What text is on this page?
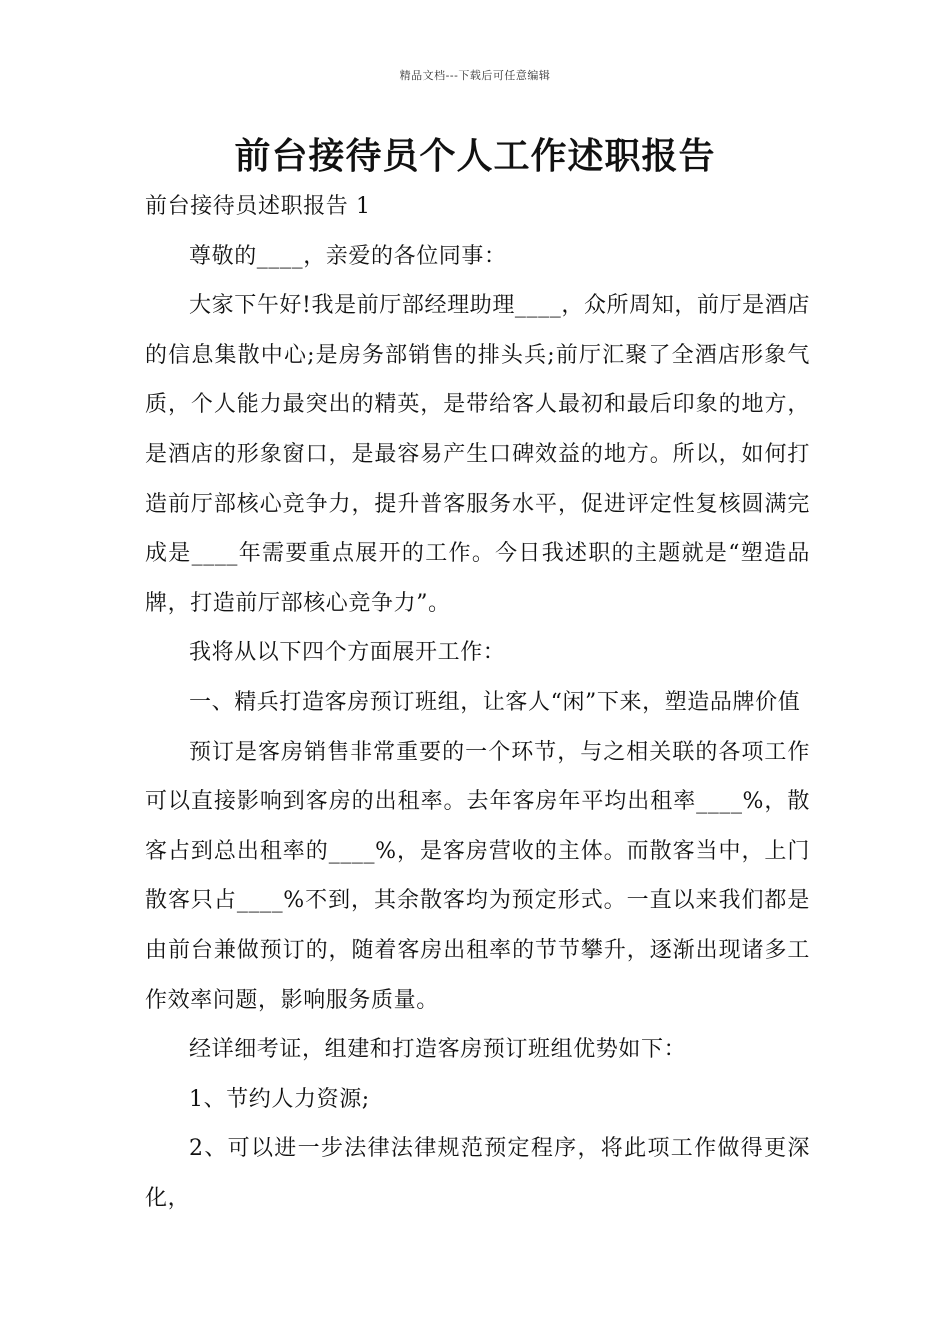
精品文档---下载后可任意编辑
前台接待员个人工作述职报告

前台接待员述职报告 1

尊敬的____，亲爱的各位同事：

大家下午好!我是前厅部经理助理____，众所周知，前厅是酒店的信息集散中心;是房务部销售的排头兵;前厅汇聚了全酒店形象气质，个人能力最突出的精英，是带给客人最初和最后印象的地方，是酒店的形象窗口，是最容易产生口碑效益的地方。所以，如何打造前厅部核心竞争力，提升普客服务水平，促进评定性复核圆满完成是____年需要重点展开的工作。今日我述职的主题就是“塑造品牌，打造前厅部核心竞争力”。

我将从以下四个方面展开工作：

一、精兵打造客房预订班组，让客人“闲”下来，塑造品牌价值

预订是客房销售非常重要的一个环节，与之相关联的各项工作可以直接影响到客房的出租率。去年客房年平均出租率____%，散客占到总出租率的____%，是客房营收的主体。而散客当中，上门散客只占____%不到，其余散客均为预定形式。一直以来我们都是由前台兼做预订的，随着客房出租率的节节攀升，逐渐出现诸多工作效率问题，影响服务质量。

经详细考证，组建和打造客房预订班组优势如下：

1、节约人力资源;

2、可以进一步法律法律规范预定程序，将此项工作做得更深化，
